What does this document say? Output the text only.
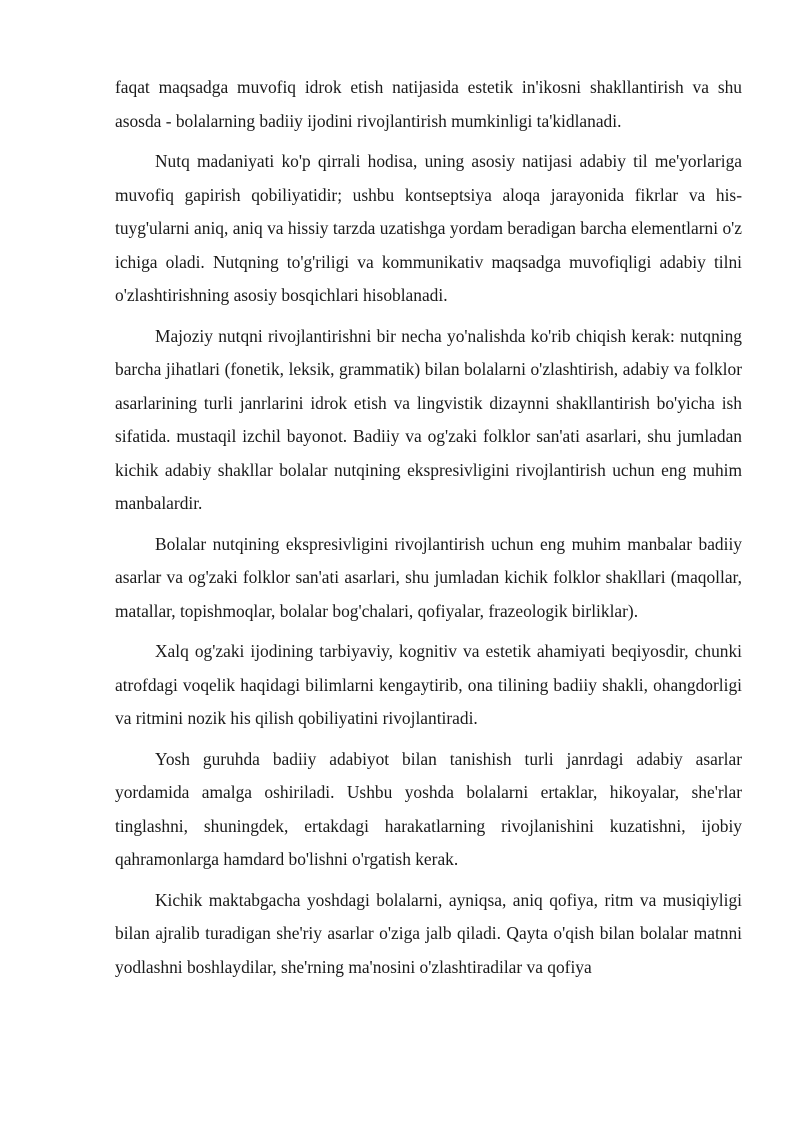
faqat maqsadga muvofiq idrok etish natijasida estetik in'ikosni shakllantirish va shu asosda - bolalarning badiiy ijodini rivojlantirish mumkinligi ta'kidlanadi.

Nutq madaniyati ko'p qirrali hodisa, uning asosiy natijasi adabiy til me'yorlariga muvofiq gapirish qobiliyatidir; ushbu kontseptsiya aloqa jarayonida fikrlar va his-tuyg'ularni aniq, aniq va hissiy tarzda uzatishga yordam beradigan barcha elementlarni o'z ichiga oladi. Nutqning to'g'riligi va kommunikativ maqsadga muvofiqligi adabiy tilni o'zlashtirishning asosiy bosqichlari hisoblanadi.

Majoziy nutqni rivojlantirishni bir necha yo'nalishda ko'rib chiqish kerak: nutqning barcha jihatlari (fonetik, leksik, grammatik) bilan bolalarni o'zlashtirish, adabiy va folklor asarlarining turli janrlarini idrok etish va lingvistik dizaynni shakllantirish bo'yicha ish sifatida. mustaqil izchil bayonot. Badiiy va og'zaki folklor san'ati asarlari, shu jumladan kichik adabiy shakllar bolalar nutqining ekspresivligini rivojlantirish uchun eng muhim manbalardir.

Bolalar nutqining ekspresivligini rivojlantirish uchun eng muhim manbalar badiiy asarlar va og'zaki folklor san'ati asarlari, shu jumladan kichik folklor shakllari (maqollar, matallar, topishmoqlar, bolalar bog'chalari, qofiyalar, frazeologik birliklar).

Xalq og'zaki ijodining tarbiyaviy, kognitiv va estetik ahamiyati beqiyosdir, chunki atrofdagi voqelik haqidagi bilimlarni kengaytirib, ona tilining badiiy shakli, ohangdorligi va ritmini nozik his qilish qobiliyatini rivojlantiradi.

Yosh guruhda badiiy adabiyot bilan tanishish turli janrdagi adabiy asarlar yordamida amalga oshiriladi. Ushbu yoshda bolalarni ertaklar, hikoyalar, she'rlar tinglashni, shuningdek, ertakdagi harakatlarning rivojlanishini kuzatishni, ijobiy qahramonlarga hamdard bo'lishni o'rgatish kerak.

Kichik maktabgacha yoshdagi bolalarni, ayniqsa, aniq qofiya, ritm va musiqiyligi bilan ajralib turadigan she'riy asarlar o'ziga jalb qiladi. Qayta o'qish bilan bolalar matnni yodlashni boshlaydilar, she'rning ma'nosini o'zlashtiradilar va qofiya
